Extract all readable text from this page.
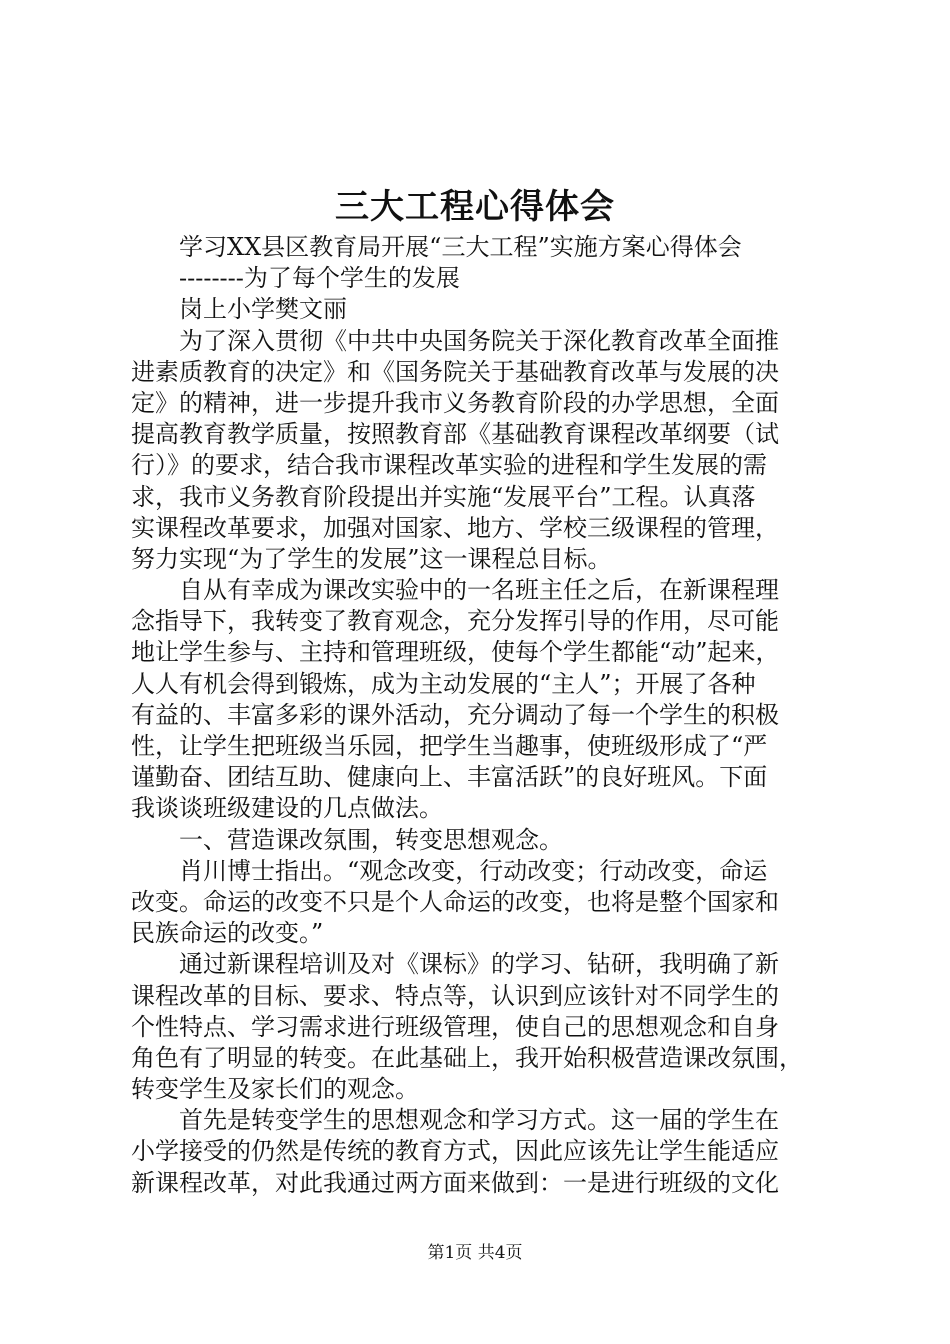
三大工程心得体会
学习XX县区教育局开展“三大工程”实施方案心得体会
--------为了每个学生的发展
岗上小学樊文丽
为了深入贯彻《中共中央国务院关于深化教育改革全面推
进素质教育的决定》和《国务院关于基础教育改革与发展的决
定》的精神，进一步提升我市义务教育阶段的办学思想，全面
提高教育教学质量，按照教育部《基础教育课程改革纲要（试
行）》的要求，结合我市课程改革实验的进程和学生发展的需
求，我市义务教育阶段提出并实施“发展平台”工程。认真落
实课程改革要求，加强对国家、地方、学校三级课程的管理，
努力实现“为了学生的发展”这一课程总目标。
自从有幸成为课改实验中的一名班主任之后，在新课程理
念指导下，我转变了教育观念，充分发挥引导的作用，尽可能
地让学生参与、主持和管理班级，使每个学生都能“动”起来，
人人有机会得到锻炼，成为主动发展的“主人”；开展了各种
有益的、丰富多彩的课外活动，充分调动了每一个学生的积极
性，让学生把班级当乐园，把学生当趣事，使班级形成了“严
谨勤奋、团结互助、健康向上、丰富活跃”的良好班风。下面
我谈谈班级建设的几点做法。
一、营造课改氛围，转变思想观念。
肖川博士指出。“观念改变，行动改变；行动改变，命运
改变。命运的改变不只是个人命运的改变，也将是整个国家和
民族命运的改变。”
通过新课程培训及对《课标》的学习、钻研，我明确了新
课程改革的目标、要求、特点等，认识到应该针对不同学生的
个性特点、学习需求进行班级管理，使自己的思想观念和自身
角色有了明显的转变。在此基础上，我开始积极营造课改氛围，
转变学生及家长们的观念。
首先是转变学生的思想观念和学习方式。这一届的学生在
小学接受的仍然是传统的教育方式，因此应该先让学生能适应
新课程改革，对此我通过两方面来做到：一是进行班级的文化
第1页 共4页
